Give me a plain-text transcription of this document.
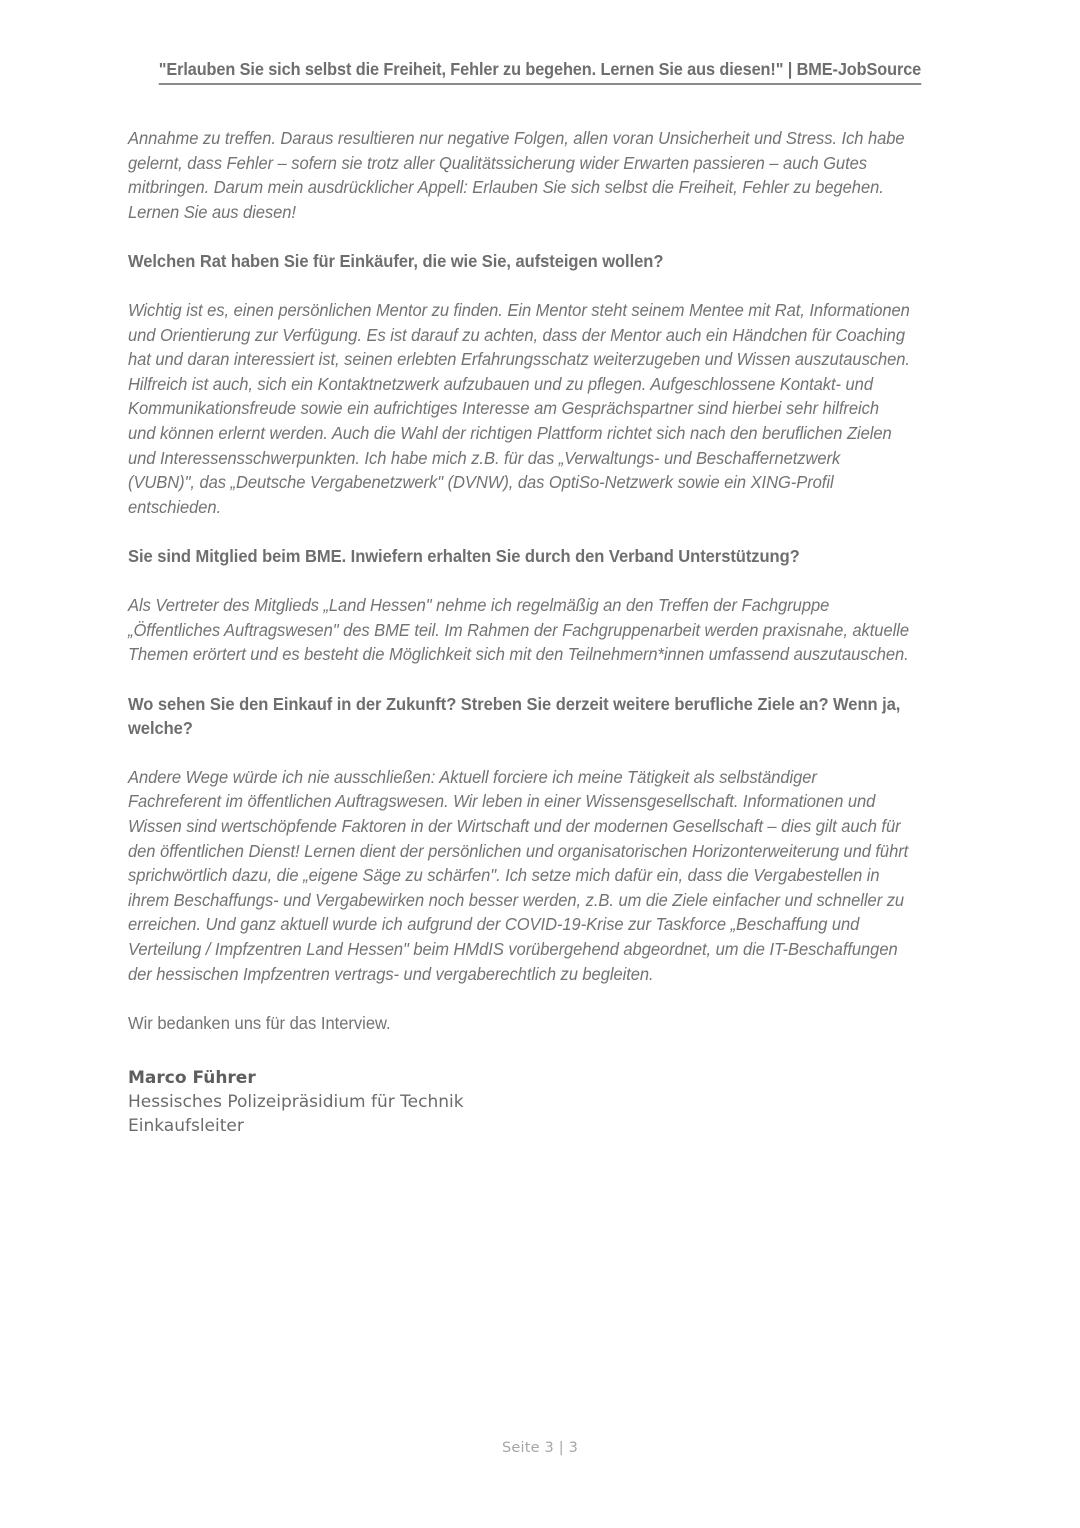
"Erlauben Sie sich selbst die Freiheit, Fehler zu begehen. Lernen Sie aus diesen!" | BME-JobSource

Annahme zu treffen. Daraus resultieren nur negative Folgen, allen voran Unsicherheit und Stress. Ich habe gelernt, dass Fehler – sofern sie trotz aller Qualitätssicherung wider Erwarten passieren – auch Gutes mitbringen. Darum mein ausdrücklicher Appell: Erlauben Sie sich selbst die Freiheit, Fehler zu begehen. Lernen Sie aus diesen!

Welchen Rat haben Sie für Einkäufer, die wie Sie, aufsteigen wollen?

Wichtig ist es, einen persönlichen Mentor zu finden. Ein Mentor steht seinem Mentee mit Rat, Informationen und Orientierung zur Verfügung. Es ist darauf zu achten, dass der Mentor auch ein Händchen für Coaching hat und daran interessiert ist, seinen erlebten Erfahrungsschatz weiterzugeben und Wissen auszutauschen. Hilfreich ist auch, sich ein Kontaktnetzwerk aufzubauen und zu pflegen. Aufgeschlossene Kontakt- und Kommunikationsfreude sowie ein aufrichtiges Interesse am Gesprächspartner sind hierbei sehr hilfreich und können erlernt werden. Auch die Wahl der richtigen Plattform richtet sich nach den beruflichen Zielen und Interessensschwerpunkten. Ich habe mich z.B. für das „Verwaltungs- und Beschaffernetzwerk (VUBN)", das „Deutsche Vergabenetzwerk" (DVNW), das OptiSo-Netzwerk sowie ein XING-Profil entschieden.

Sie sind Mitglied beim BME. Inwiefern erhalten Sie durch den Verband Unterstützung?

Als Vertreter des Mitglieds „Land Hessen" nehme ich regelmäßig an den Treffen der Fachgruppe „Öffentliches Auftragswesen" des BME teil. Im Rahmen der Fachgruppenarbeit werden praxisnahe, aktuelle Themen erörtert und es besteht die Möglichkeit sich mit den Teilnehmern*innen umfassend auszutauschen.

Wo sehen Sie den Einkauf in der Zukunft? Streben Sie derzeit weitere berufliche Ziele an? Wenn ja, welche?

Andere Wege würde ich nie ausschließen: Aktuell forciere ich meine Tätigkeit als selbständiger Fachreferent im öffentlichen Auftragswesen. Wir leben in einer Wissensgesellschaft. Informationen und Wissen sind wertschöpfende Faktoren in der Wirtschaft und der modernen Gesellschaft – dies gilt auch für den öffentlichen Dienst! Lernen dient der persönlichen und organisatorischen Horizonterweiterung und führt sprichwörtlich dazu, die „eigene Säge zu schärfen". Ich setze mich dafür ein, dass die Vergabestellen in ihrem Beschaffungs- und Vergabewirken noch besser werden, z.B. um die Ziele einfacher und schneller zu erreichen. Und ganz aktuell wurde ich aufgrund der COVID-19-Krise zur Taskforce „Beschaffung und Verteilung / Impfzentren Land Hessen" beim HMdIS vorübergehend abgeordnet, um die IT-Beschaffungen der hessischen Impfzentren vertrags- und vergaberechtlich zu begleiten.

Wir bedanken uns für das Interview.

Marco Führer
Hessisches Polizeipräsidium für Technik
Einkaufsleiter
Seite 3 | 3
